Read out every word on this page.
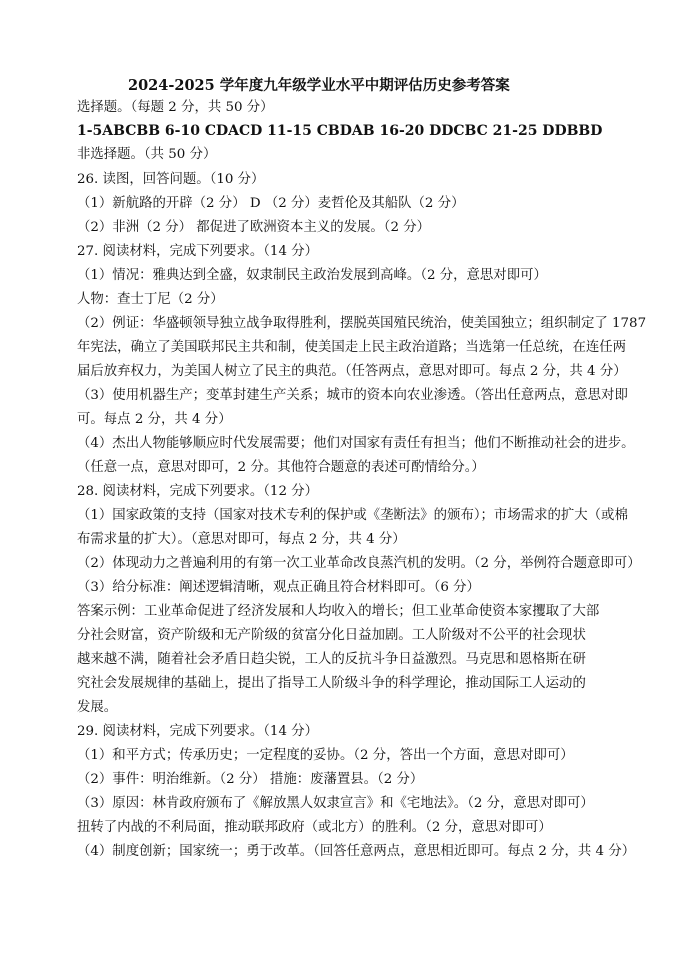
2024-2025 学年度九年级学业水平中期评估历史参考答案
选择题。（每题 2 分，共 50 分）
1-5ABCBB 6-10 CDACD 11-15 CBDAB 16-20 DDCBC 21-25 DDBBD
非选择题。（共 50 分）
26. 读图，回答问题。（10 分）
（1）新航路的开辟（2 分） D （2 分）麦哲伦及其船队（2 分）
（2）非洲（2 分） 都促进了欧洲资本主义的发展。（2 分）
27. 阅读材料，完成下列要求。（14 分）
（1）情况：雅典达到全盛，奴隶制民主政治发展到高峰。（2 分，意思对即可）
人物：查士丁尼（2 分）
（2）例证：华盛顿领导独立战争取得胜利，摆脱英国殖民统治，使美国独立；组织制定了 1787
年宪法，确立了美国联邦民主共和制，使美国走上民主政治道路；当选第一任总统，在连任两
届后放弃权力，为美国人树立了民主的典范。（任答两点，意思对即可。每点 2 分，共 4 分）
（3）使用机器生产；变革封建生产关系；城市的资本向农业渗透。（答出任意两点，意思对即
可。每点 2 分，共 4 分）
（4）杰出人物能够顺应时代发展需要；他们对国家有责任有担当；他们不断推动社会的进步。
（任意一点，意思对即可，2 分。其他符合题意的表述可酌情给分。）
28. 阅读材料，完成下列要求。（12 分）
（1）国家政策的支持（国家对技术专利的保护或《垄断法》的颁布）；市场需求的扩大（或棉
布需求量的扩大）。（意思对即可，每点 2 分，共 4 分）
（2）体现动力之普遍利用的有第一次工业革命改良蒸汽机的发明。（2 分，举例符合题意即可）
（3）给分标准：阐述逻辑清晰，观点正确且符合材料即可。（6 分）
答案示例：工业革命促进了经济发展和人均收入的增长；但工业革命使资本家攫取了大部
分社会财富，资产阶级和无产阶级的贫富分化日益加剧。工人阶级对不公平的社会现状
越来越不满，随着社会矛盾日趋尖锐，工人的反抗斗争日益激烈。马克思和恩格斯在研
究社会发展规律的基础上，提出了指导工人阶级斗争的科学理论，推动国际工人运动的
发展。
29. 阅读材料，完成下列要求。（14 分）
（1）和平方式；传承历史；一定程度的妥协。（2 分，答出一个方面，意思对即可）
（2）事件：明治维新。（2 分） 措施：废藩置县。（2 分）
（3）原因：林肯政府颁布了《解放黑人奴隶宣言》和《宅地法》。（2 分，意思对即可）
扭转了内战的不利局面，推动联邦政府（或北方）的胜利。（2 分，意思对即可）
（4）制度创新；国家统一；勇于改革。（回答任意两点，意思相近即可。每点 2 分，共 4 分）
